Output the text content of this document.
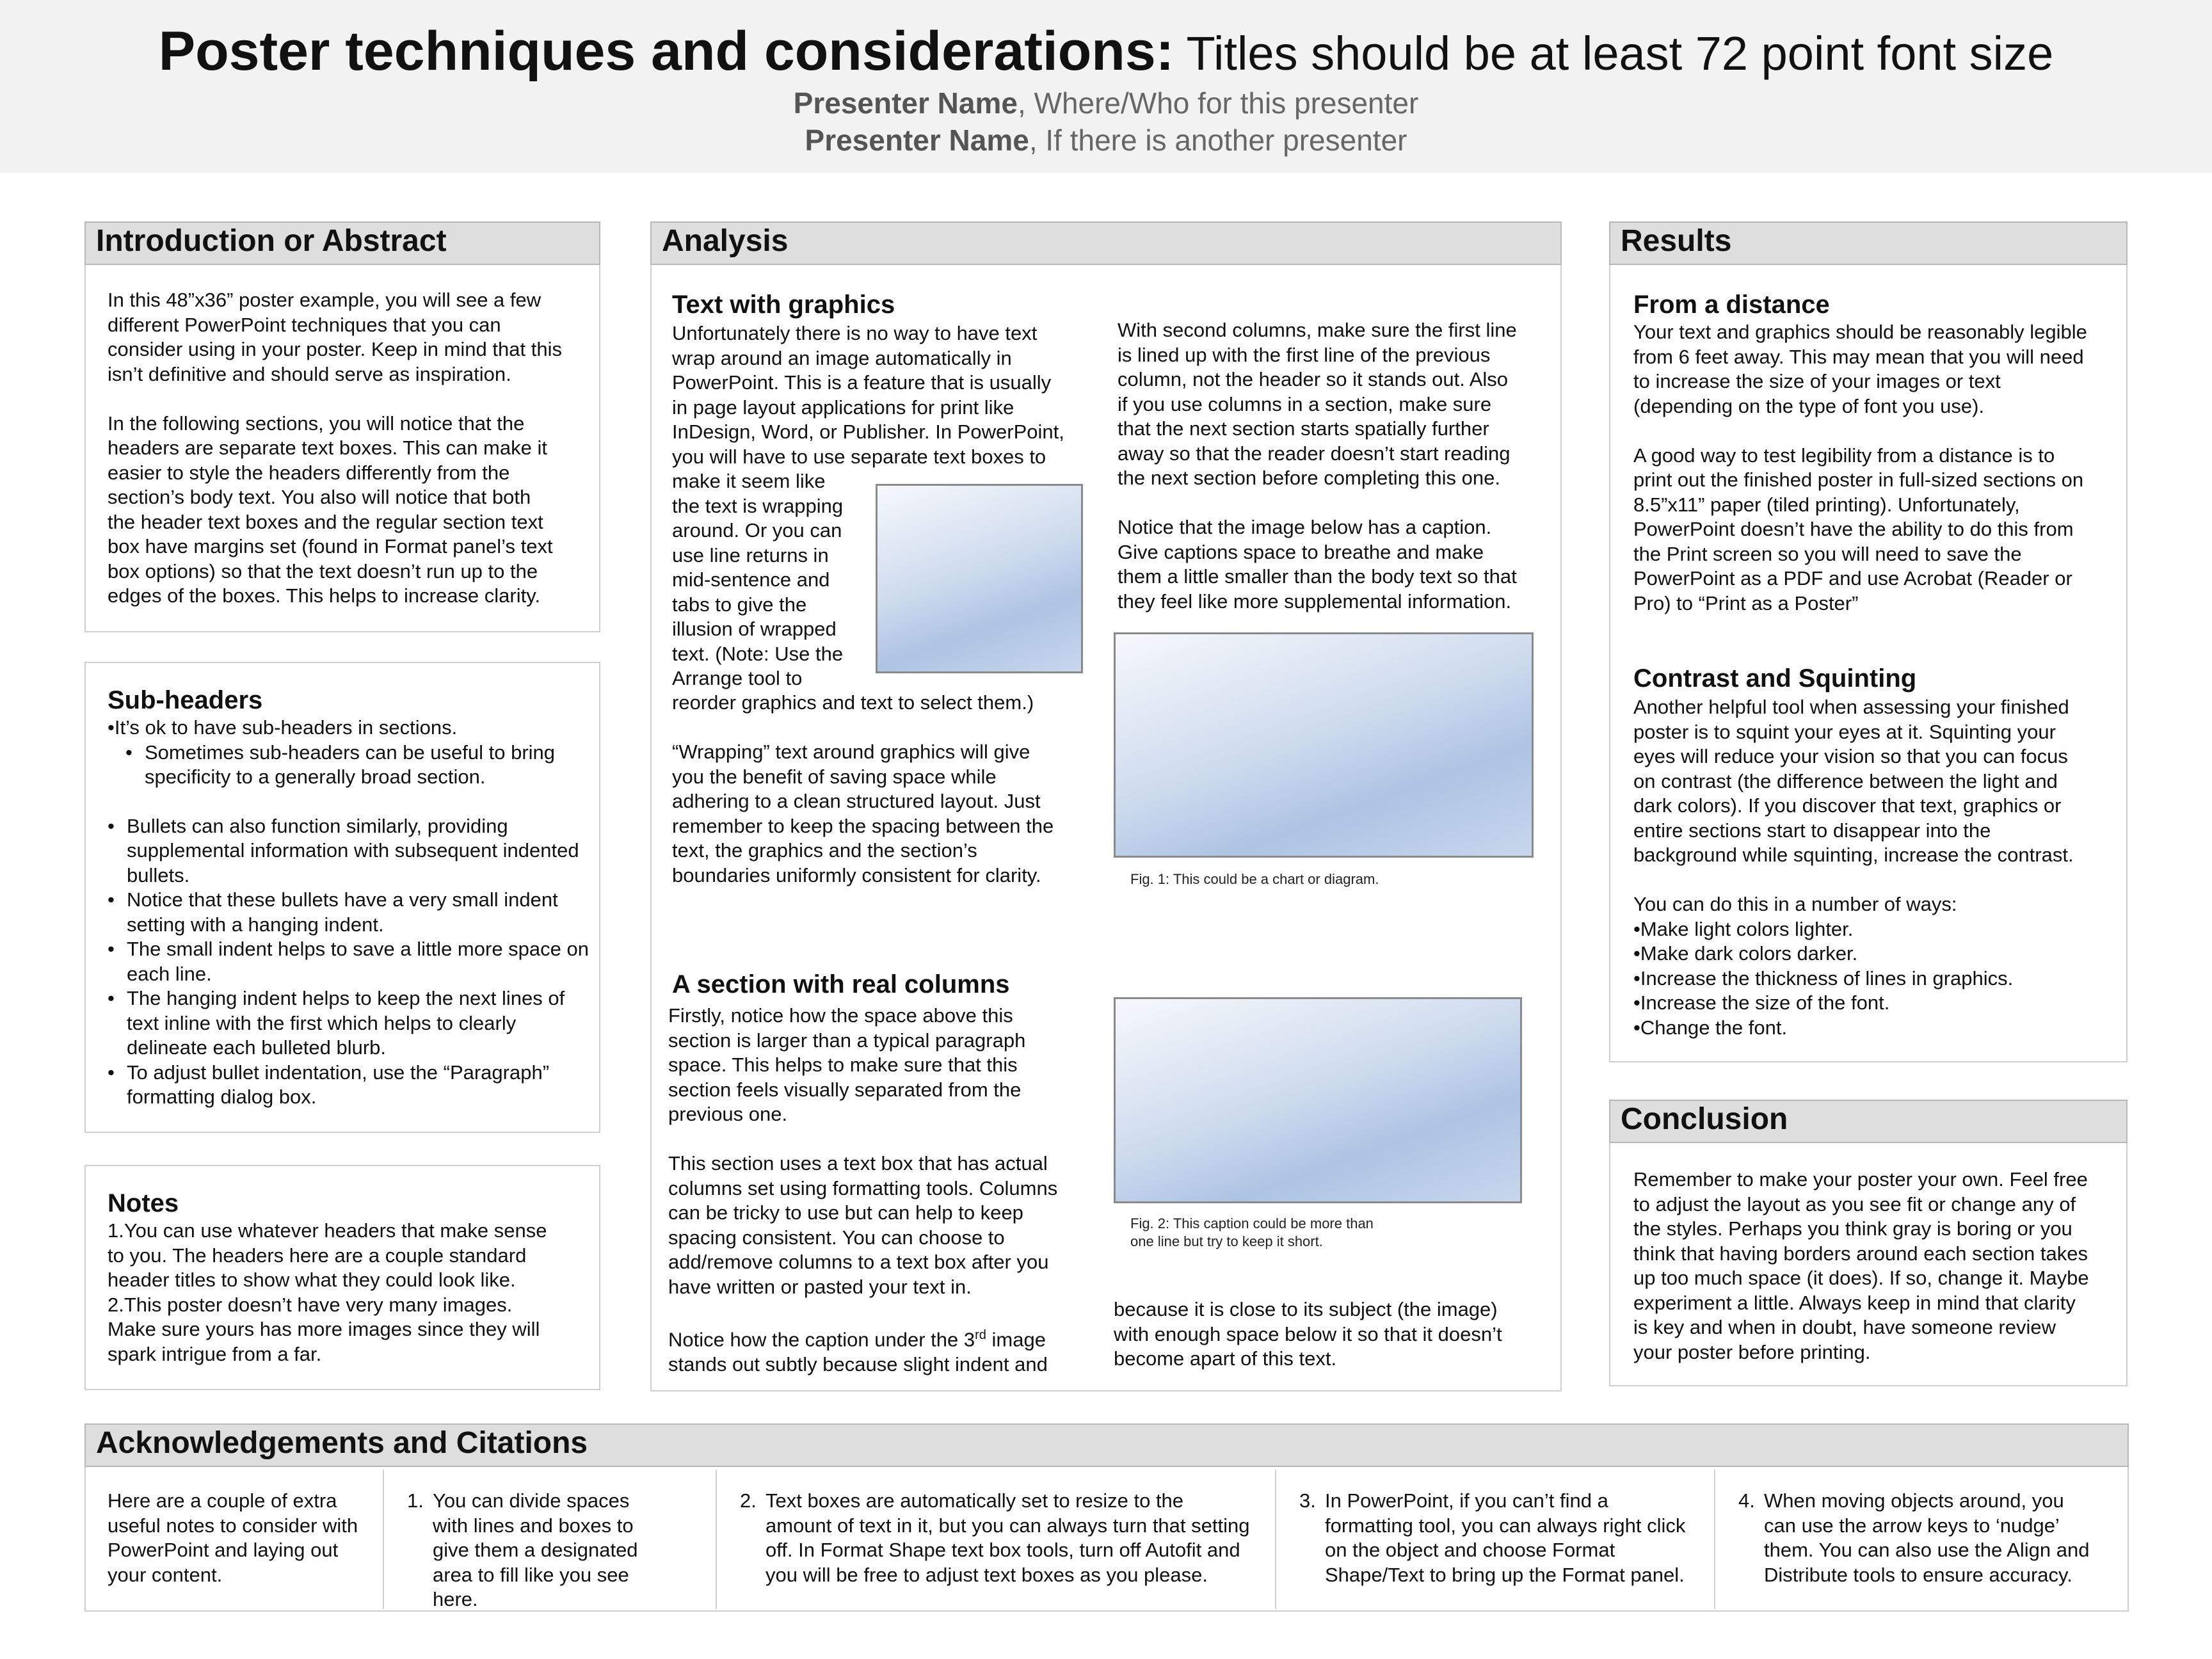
Poster techniques and considerations: Titles should be at least 72 point font size
Presenter Name, Where/Who for this presenter
Presenter Name, If there is another presenter
Introduction or Abstract
In this 48”x36” poster example, you will see a few
different PowerPoint techniques that you can
consider using in your poster. Keep in mind that this
isn’t definitive and should serve as inspiration.

In the following sections, you will notice that the
headers are separate text boxes. This can make it
easier to style the headers differently from the
section’s body text. You also will notice that both
the header text boxes and the regular section text
box have margins set (found in Format panel’s text
box options) so that the text doesn’t run up to the
edges of the boxes. This helps to increase clarity.
Sub-headers
•It’s ok to have sub-headers in sections.
• Sometimes sub-headers can be useful to bring specificity to a generally broad section.
• Bullets can also function similarly, providing supplemental information with subsequent indented bullets.
• Notice that these bullets have a very small indent setting with a hanging indent.
• The small indent helps to save a little more space on each line.
• The hanging indent helps to keep the next lines of text inline with the first which helps to clearly delineate each bulleted blurb.
• To adjust bullet indentation, use the “Paragraph” formatting dialog box.
Notes
1.You can use whatever headers that make sense
to you. The headers here are a couple standard
header titles to show what they could look like.
2.This poster doesn’t have very many images.
Make sure yours has more images since they will
spark intrigue from a far.
Analysis
Text with graphics
Unfortunately there is no way to have text
wrap around an image automatically in
PowerPoint. This is a feature that is usually
in page layout applications for print like
InDesign, Word, or Publisher. In PowerPoint,
you will have to use separate text boxes to
make it seem like
the text is wrapping
around. Or you can
use line returns in
mid-sentence and
tabs to give the
illusion of wrapped
text. (Note: Use the
Arrange tool to
reorder graphics and text to select them.)

“Wrapping” text around graphics will give
you the benefit of saving space while
adhering to a clean structured layout. Just
remember to keep the spacing between the
text, the graphics and the section’s
boundaries uniformly consistent for clarity.
With second columns, make sure the first line
is lined up with the first line of the previous
column, not the header so it stands out. Also
if you use columns in a section, make sure
that the next section starts spatially further
away so that the reader doesn’t start reading
the next section before completing this one.

Notice that the image below has a caption.
Give captions space to breathe and make
them a little smaller than the body text so that
they feel like more supplemental information.
Fig. 1: This could be a chart or diagram.
A section with real columns
Firstly, notice how the space above this
section is larger than a typical paragraph
space. This helps to make sure that this
section feels visually separated from the
previous one.

This section uses a text box that has actual
columns set using formatting tools. Columns
can be tricky to use but can help to keep
spacing consistent. You can choose to
add/remove columns to a text box after you
have written or pasted your text in.
Notice how the caption under the 3rd image
stands out subtly because slight indent and
Fig. 2: This caption could be more than
one line but try to keep it short.
because it is close to its subject (the image)
with enough space below it so that it doesn’t
become apart of this text.
Results
From a distance
Your text and graphics should be reasonably legible
from 6 feet away. This may mean that you will need
to increase the size of your images or text
(depending on the type of font you use).

A good way to test legibility from a distance is to
print out the finished poster in full-sized sections on
8.5”x11” paper (tiled printing). Unfortunately,
PowerPoint doesn’t have the ability to do this from
the Print screen so you will need to save the
PowerPoint as a PDF and use Acrobat (Reader or
Pro) to “Print as a Poster”
Contrast and Squinting
Another helpful tool when assessing your finished
poster is to squint your eyes at it. Squinting your
eyes will reduce your vision so that you can focus
on contrast (the difference between the light and
dark colors). If you discover that text, graphics or
entire sections start to disappear into the
background while squinting, increase the contrast.

You can do this in a number of ways:
•Make light colors lighter.
•Make dark colors darker.
•Increase the thickness of lines in graphics.
•Increase the size of the font.
•Change the font.
Conclusion
Remember to make your poster your own. Feel free
to adjust the layout as you see fit or change any of
the styles. Perhaps you think gray is boring or you
think that having borders around each section takes
up too much space (it does). If so, change it. Maybe
experiment a little. Always keep in mind that clarity
is key and when in doubt, have someone review
your poster before printing.
Acknowledgements and Citations
Here are a couple of extra
useful notes to consider with
PowerPoint and laying out
your content.
1. You can divide spaces
with lines and boxes to
give them a designated
area to fill like you see
here.
2. Text boxes are automatically set to resize to the
amount of text in it, but you can always turn that setting
off. In Format Shape text box tools, turn off Autofit and
you will be free to adjust text boxes as you please.
3. In PowerPoint, if you can’t find a
formatting tool, you can always right click
on the object and choose Format
Shape/Text to bring up the Format panel.
4. When moving objects around, you
can use the arrow keys to ‘nudge’
them. You can also use the Align and
Distribute tools to ensure accuracy.
